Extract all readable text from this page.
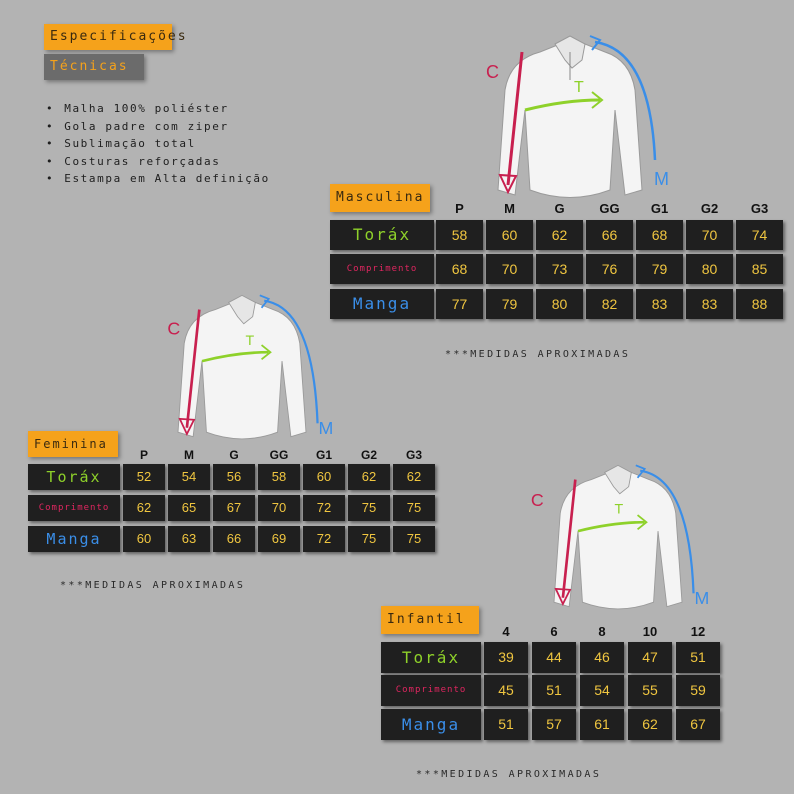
Especificações
Técnicas
• Malha 100% poliéster
• Gola padre com ziper
• Sublimação total
• Costuras reforçadas
• Estampa em Alta definição
C
T
M
C
T
M
C	T
M
Masculina
P	M	G	GG	G1	G2	G3
Toráx	58	60	62	66	68	70	74
Comprimento	68	70	73	76	79	80	85
Manga	77	79	80	82	83	83	88
Feminina
P	M	G	GG	G1	G2	G3
Toráx	52	54	56	58	60	62	62
Comprimento	62	65	67	70	72	75	75
Manga	60	63	66	69	72	75	75
Infantil
4	6	8	10	12
Toráx	39	44	46	47	51
Comprimento	45	51	54	55	59
Manga	51	57	61	62	67
***MEDIDAS APROXIMADAS
***MEDIDAS APROXIMADAS
***MEDIDAS APROXIMADAS
